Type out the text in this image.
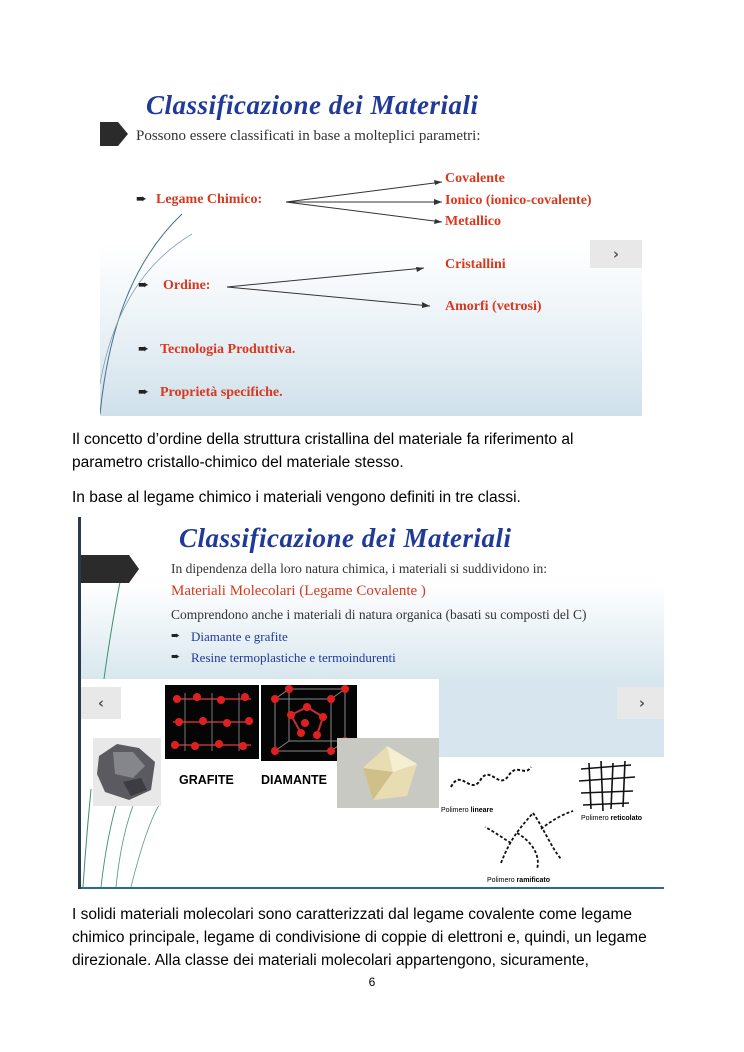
Classificazione dei Materiali
Possono essere classificati in base a molteplici parametri:
➨ Legame Chimico:
Covalente
Ionico (ionico-covalente)
Metallico
➨ Ordine:
Cristallini
Amorfi (vetrosi)
➨ Tecnologia Produttiva.
➨ Proprietà specifiche.
›
Il concetto d’ordine della struttura cristallina del materiale fa riferimento al
parametro cristallo-chimico del materiale stesso.
In base al legame chimico i materiali vengono definiti in tre classi.
Classificazione dei Materiali
In dipendenza della loro natura chimica, i materiali si suddividono in:
Materiali Molecolari (Legame Covalente )
Comprendono anche i materiali di natura organica (basati su composti del C)
➨ Diamante e grafite
➨ Resine termoplastiche e termoindurenti
‹	›
GRAFITE DIAMANTE
Polimero lineare
Polimero reticolato
Polimero ramificato
I solidi materiali molecolari sono caratterizzati dal legame covalente come legame
chimico principale, legame di condivisione di coppie di elettroni e, quindi, un legame
direzionale. Alla classe dei materiali molecolari appartengono, sicuramente,
6
